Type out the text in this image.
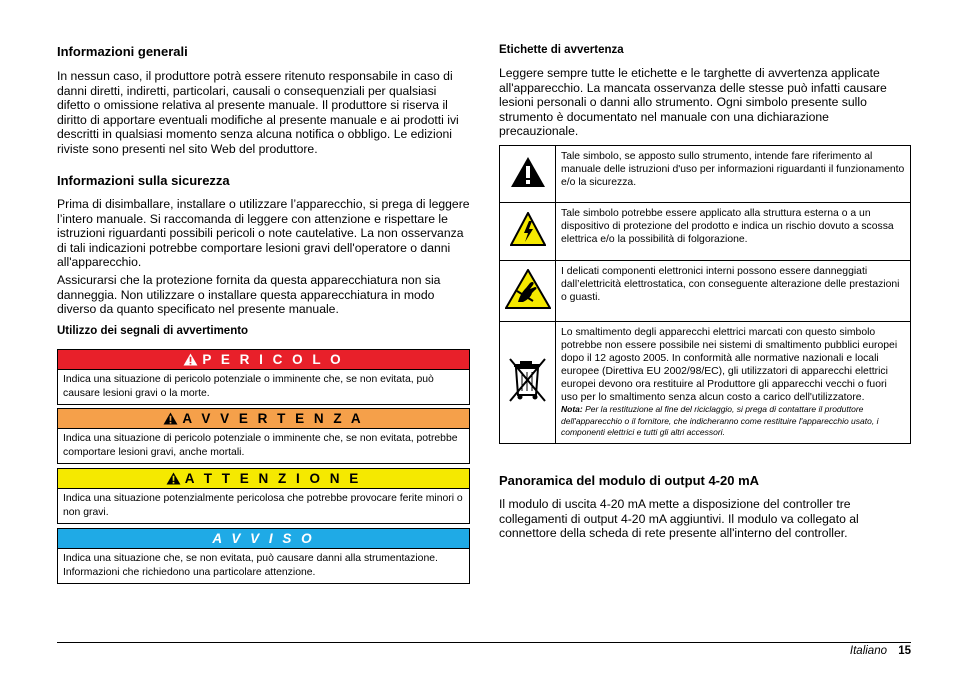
Informazioni generali

In nessun caso, il produttore potrà essere ritenuto responsabile in caso di danni diretti, indiretti, particolari, causali o consequenziali per qualsiasi difetto o omissione relativa al presente manuale. Il produttore si riserva il diritto di apportare eventuali modifiche al presente manuale e ai prodotti ivi descritti in qualsiasi momento senza alcuna notifica o obbligo. Le edizioni riviste sono presenti nel sito Web del produttore.

Informazioni sulla sicurezza

Prima di disimballare, installare o utilizzare l’apparecchio, si prega di leggere l’intero manuale. Si raccomanda di leggere con attenzione e rispettare le istruzioni riguardanti possibili pericoli o note cautelative. La non osservanza di tali indicazioni potrebbe comportare lesioni gravi dell'operatore o danni all'apparecchio.

Assicurarsi che la protezione fornita da questa apparecchiatura non sia danneggia. Non utilizzare o installare questa apparecchiatura in modo diverso da quanto specificato nel presente manuale.

Utilizzo dei segnali di avvertimento
P E R I C O L O
Indica una situazione di pericolo potenziale o imminente che, se non evitata, può causare lesioni gravi o la morte.
A V V E R T E N Z A
Indica una situazione di pericolo potenziale o imminente che, se non evitata, potrebbe comportare lesioni gravi, anche mortali.
A T T E N Z I O N E
Indica una situazione potenzialmente pericolosa che potrebbe provocare ferite minori o non gravi.
A V V I S O
Indica una situazione che, se non evitata, può causare danni alla strumentazione. Informazioni che richiedono una particolare attenzione.
Etichette di avvertenza

Leggere sempre tutte le etichette e le targhette di avvertenza applicate all'apparecchio. La mancata osservanza delle stesse può infatti causare lesioni personali o danni allo strumento. Ogni simbolo presente sullo strumento è documentato nel manuale con una dichiarazione precauzionale.

	Tale simbolo, se apposto sullo strumento, intende fare riferimento al manuale delle istruzioni d'uso per informazioni riguardanti il funzionamento e/o la sicurezza.
	Tale simbolo potrebbe essere applicato alla struttura esterna o a un dispositivo di protezione del prodotto e indica un rischio dovuto a scossa elettrica e/o la possibilità di folgorazione.
	I delicati componenti elettronici interni possono essere danneggiati dall’elettricità elettrostatica, con conseguente alterazione delle prestazioni o guasti.
	Lo smaltimento degli apparecchi elettrici marcati con questo simbolo potrebbe non essere possibile nei sistemi di smaltimento pubblici europei dopo il 12 agosto 2005. In conformità alle normative nazionali e locali europee (Direttiva EU 2002/98/EC), gli utilizzatori di apparecchi elettrici europei devono ora restituire al Produttore gli apparecchi vecchi o fuori uso per lo smaltimento senza alcun costo a carico dell'utilizzatore.
Nota: Per la restituzione al fine del riciclaggio, si prega di contattare il produttore dell'apparecchio o il fornitore, che indicheranno come restituire l'apparecchio usato, i componenti elettrici e tutti gli altri accessori.
Panoramica del modulo di output 4-20 mA

Il modulo di uscita 4-20 mA mette a disposizione del controller tre collegamenti di output 4-20 mA aggiuntivi. Il modulo va collegato al connettore della scheda di rete presente all'interno del controller.

Italiano 15
